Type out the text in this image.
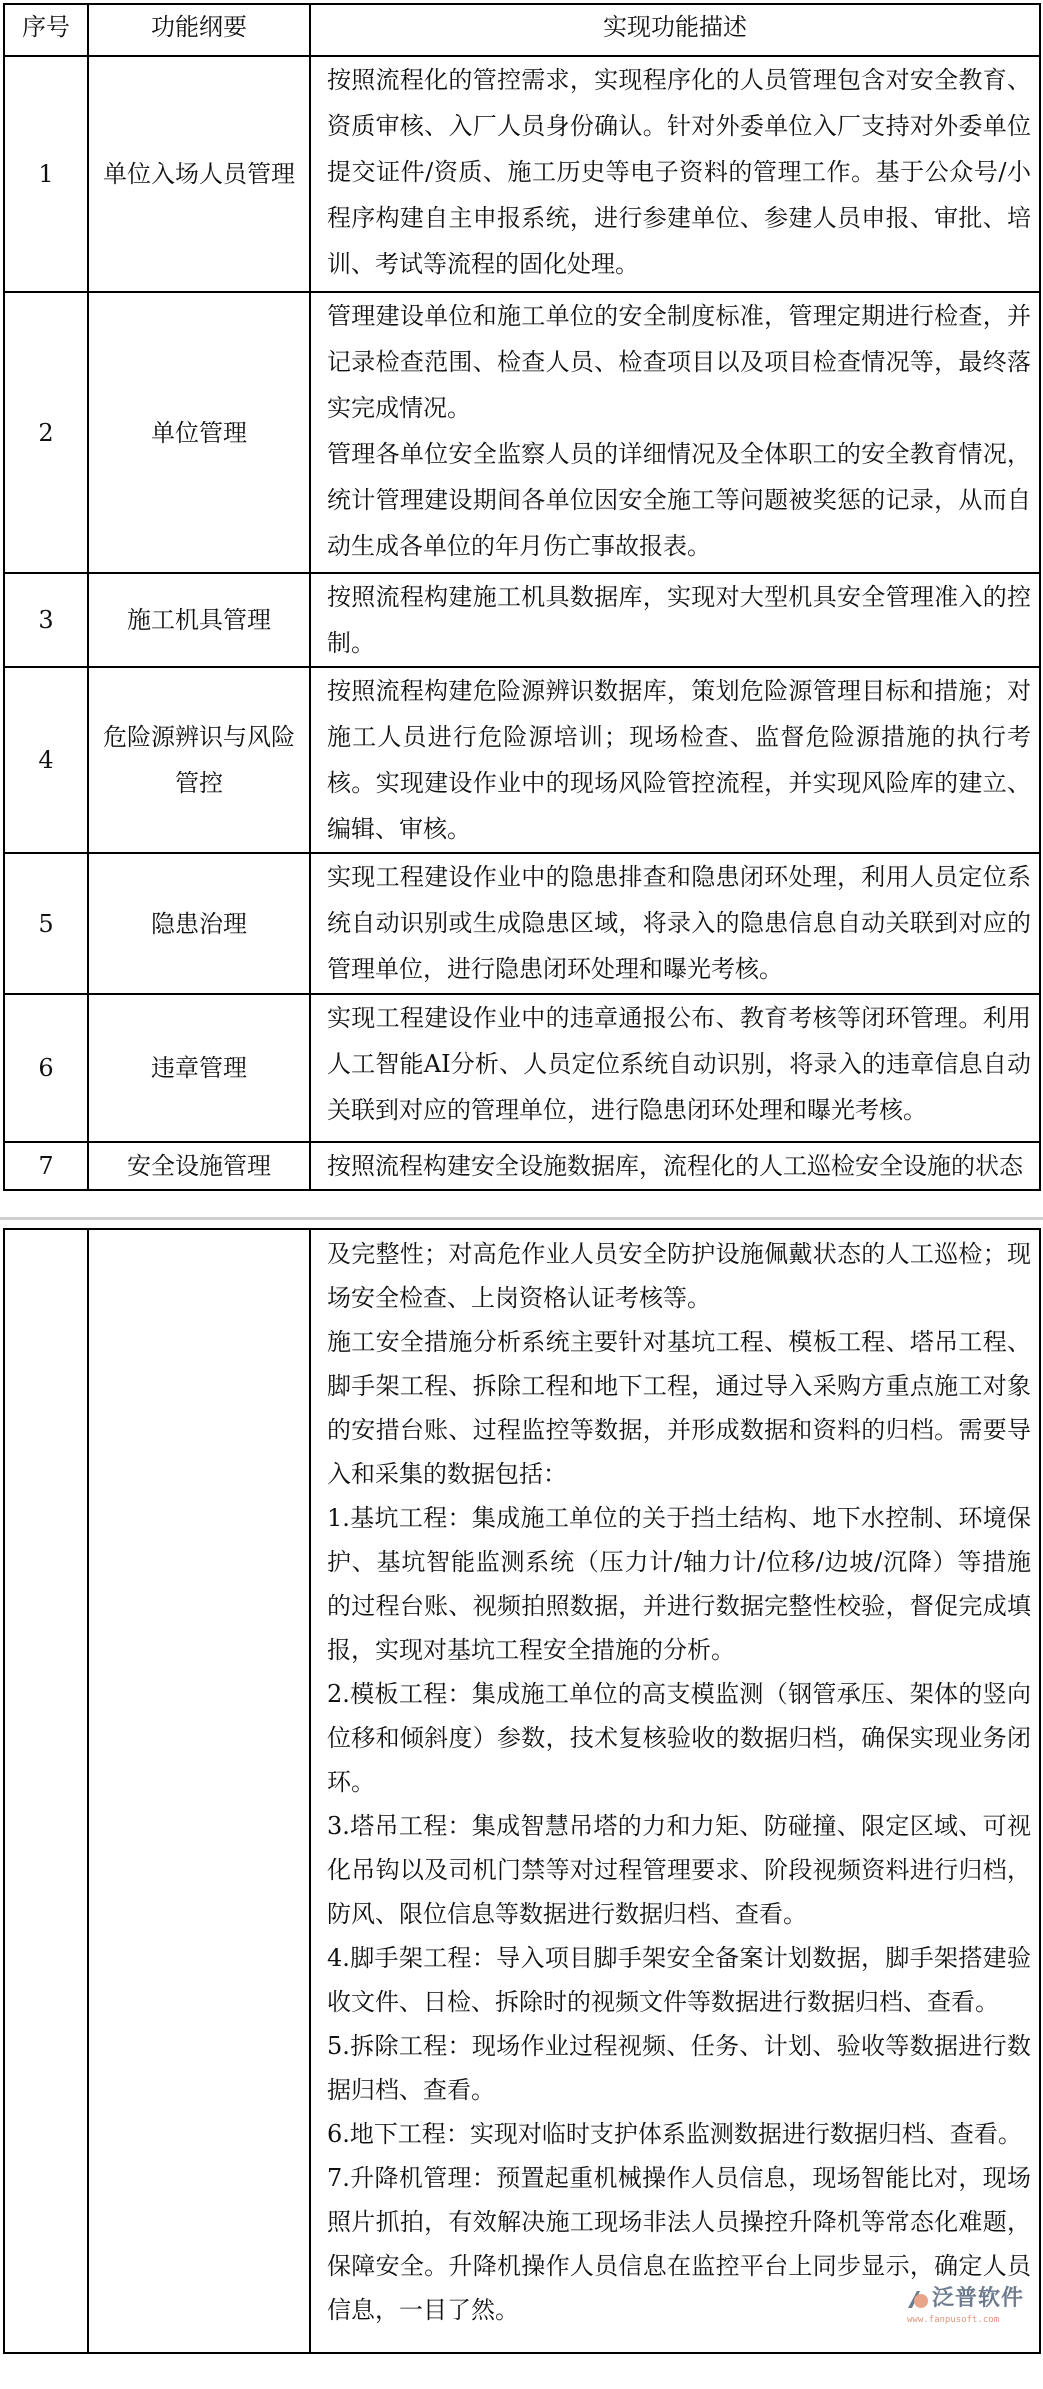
序号	功能纲要	实现功能描述
1	单位入场人员管理	按照流程化的管控需求，实现程序化的人员管理包含对安全教育、资质审核、入厂人员身份确认。针对外委单位入厂支持对外委单位提交证件/资质、施工历史等电子资料的管理工作。基于公众号/小程序构建自主申报系统，进行参建单位、参建人员申报、审批、培训、考试等流程的固化处理。

2	单位管理	管理建设单位和施工单位的安全制度标准，管理定期进行检查，并记录检查范围、检查人员、检查项目以及项目检查情况等，最终落实完成情况。

管理各单位安全监察人员的详细情况及全体职工的安全教育情况，统计管理建设期间各单位因安全施工等问题被奖惩的记录，从而自动生成各单位的年月伤亡事故报表。

3	施工机具管理	按照流程构建施工机具数据库，实现对大型机具安全管理准入的控制。

4	危险源辨识与风险管控	按照流程构建危险源辨识数据库，策划危险源管理目标和措施；对施工人员进行危险源培训；现场检查、监督危险源措施的执行考核。实现建设作业中的现场风险管控流程，并实现风险库的建立、编辑、审核。

5	隐患治理	实现工程建设作业中的隐患排查和隐患闭环处理，利用人员定位系统自动识别或生成隐患区域，将录入的隐患信息自动关联到对应的管理单位，进行隐患闭环处理和曝光考核。

6	违章管理	实现工程建设作业中的违章通报公布、教育考核等闭环管理。利用人工智能AI分析、人员定位系统自动识别，将录入的违章信息自动关联到对应的管理单位，进行隐患闭环处理和曝光考核。

7	安全设施管理	按照流程构建安全设施数据库，流程化的人工巡检安全设施的状态

及完整性；对高危作业人员安全防护设施佩戴状态的人工巡检；现场安全检查、上岗资格认证考核等。

施工安全措施分析系统主要针对基坑工程、模板工程、塔吊工程、脚手架工程、拆除工程和地下工程，通过导入采购方重点施工对象的安措台账、过程监控等数据，并形成数据和资料的归档。需要导入和采集的数据包括：

1.基坑工程：集成施工单位的关于挡土结构、地下水控制、环境保护、基坑智能监测系统（压力计/轴力计/位移/边坡/沉降）等措施的过程台账、视频拍照数据，并进行数据完整性校验，督促完成填报，实现对基坑工程安全措施的分析。

2.模板工程：集成施工单位的高支模监测（钢管承压、架体的竖向位移和倾斜度）参数，技术复核验收的数据归档，确保实现业务闭环。

3.塔吊工程：集成智慧吊塔的力和力矩、防碰撞、限定区域、可视化吊钩以及司机门禁等对过程管理要求、阶段视频资料进行归档，防风、限位信息等数据进行数据归档、查看。

4.脚手架工程：导入项目脚手架安全备案计划数据，脚手架搭建验收文件、日检、拆除时的视频文件等数据进行数据归档、查看。

5.拆除工程：现场作业过程视频、任务、计划、验收等数据进行数据归档、查看。

6.地下工程：实现对临时支护体系监测数据进行数据归档、查看。

7.升降机管理：预置起重机械操作人员信息，现场智能比对，现场照片抓拍，有效解决施工现场非法人员操控升降机等常态化难题，保障安全。升降机操作人员信息在监控平台上同步显示，确定人员信息，一目了然。	泛普软件
www.fanpusoft.com
